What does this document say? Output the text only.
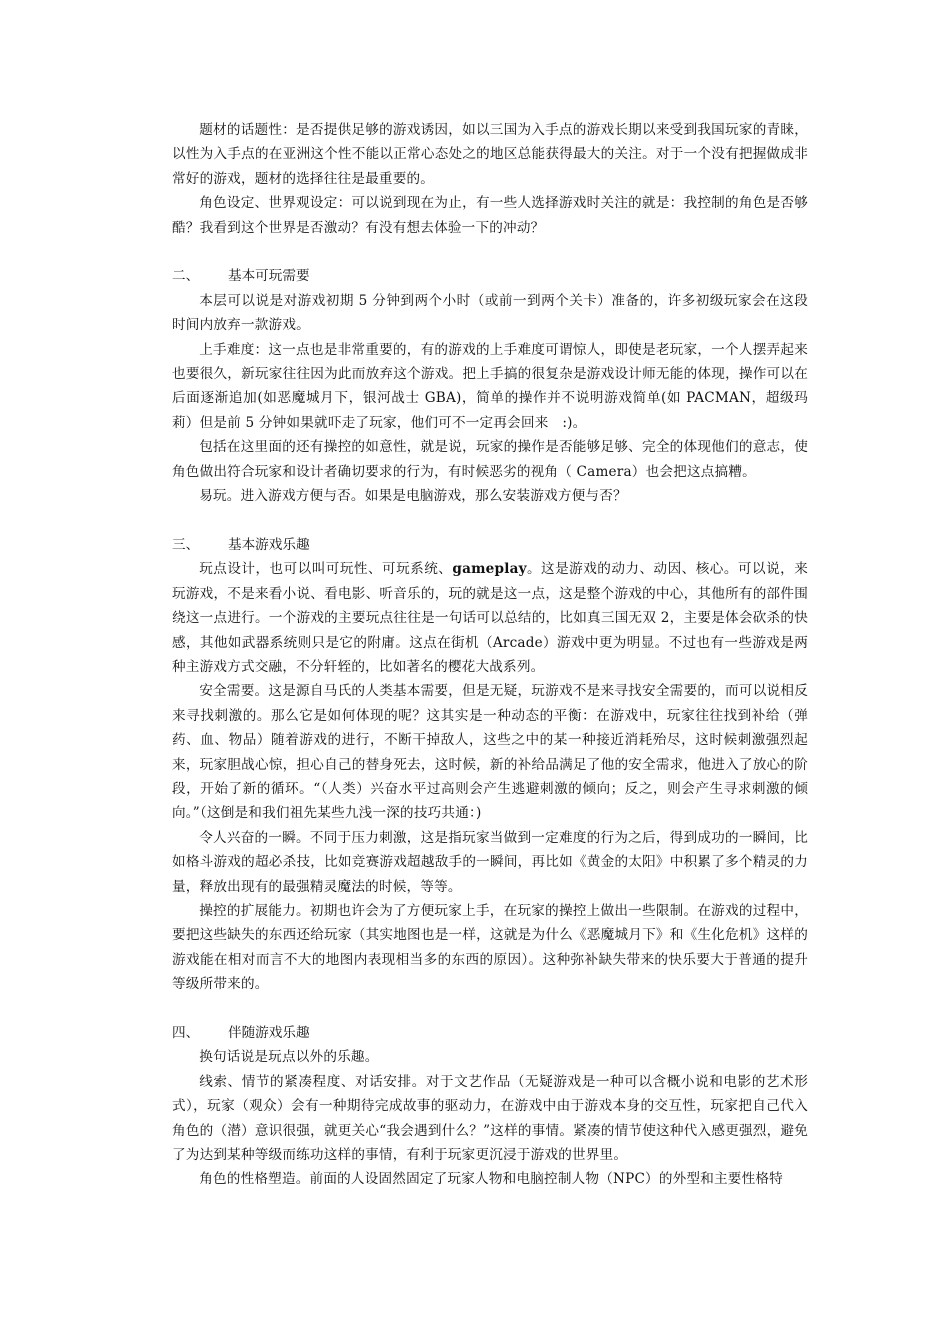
题材的话题性：是否提供足够的游戏诱因，如以三国为入手点的游戏长期以来受到我国玩家的青睐，以性为入手点的在亚洲这个性不能以正常心态处之的地区总能获得最大的关注。对于一个没有把握做成非常好的游戏，题材的选择往往是最重要的。

角色设定、世界观设定：可以说到现在为止，有一些人选择游戏时关注的就是：我控制的角色是否够酷？我看到这个世界是否激动？有没有想去体验一下的冲动？

二、 基本可玩需要

本层可以说是对游戏初期 5 分钟到两个小时（或前一到两个关卡）准备的，许多初级玩家会在这段时间内放弃一款游戏。

上手难度：这一点也是非常重要的，有的游戏的上手难度可谓惊人，即使是老玩家，一个人摆弄起来也要很久，新玩家往往因为此而放弃这个游戏。把上手搞的很复杂是游戏设计师无能的体现，操作可以在后面逐渐追加(如恶魔城月下，银河战士 GBA)，简单的操作并不说明游戏简单(如 PACMAN，超级玛莉）但是前 5 分钟如果就吓走了玩家，他们可不一定再会回来　:)。

包括在这里面的还有操控的如意性，就是说，玩家的操作是否能够足够、完全的体现他们的意志，使角色做出符合玩家和设计者确切要求的行为，有时候恶劣的视角（ Camera）也会把这点搞糟。

易玩。进入游戏方便与否。如果是电脑游戏，那么安装游戏方便与否？

三、 基本游戏乐趣

玩点设计，也可以叫可玩性、可玩系统、gameplay。这是游戏的动力、动因、核心。可以说，来玩游戏，不是来看小说、看电影、听音乐的，玩的就是这一点，这是整个游戏的中心，其他所有的部件围绕这一点进行。一个游戏的主要玩点往往是一句话可以总结的，比如真三国无双 2，主要是体会砍杀的快感，其他如武器系统则只是它的附庸。这点在街机（Arcade）游戏中更为明显。不过也有一些游戏是两种主游戏方式交融，不分轩轾的，比如著名的樱花大战系列。

安全需要。这是源自马氏的人类基本需要，但是无疑，玩游戏不是来寻找安全需要的，而可以说相反来寻找刺激的。那么它是如何体现的呢？这其实是一种动态的平衡：在游戏中，玩家往往找到补给（弹药、血、物品）随着游戏的进行，不断干掉敌人，这些之中的某一种接近消耗殆尽，这时候刺激强烈起来，玩家胆战心惊，担心自己的替身死去，这时候，新的补给品满足了他的安全需求，他进入了放心的阶段，开始了新的循环。“（人类）兴奋水平过高则会产生逃避刺激的倾向；反之，则会产生寻求刺激的倾向。”（这倒是和我们祖先某些九浅一深的技巧共通：)

令人兴奋的一瞬。不同于压力刺激，这是指玩家当做到一定难度的行为之后，得到成功的一瞬间，比如格斗游戏的超必杀技，比如竞赛游戏超越敌手的一瞬间，再比如《黄金的太阳》中积累了多个精灵的力量，释放出现有的最强精灵魔法的时候，等等。

操控的扩展能力。初期也许会为了方便玩家上手，在玩家的操控上做出一些限制。在游戏的过程中，要把这些缺失的东西还给玩家（其实地图也是一样，这就是为什么《恶魔城月下》和《生化危机》这样的游戏能在相对而言不大的地图内表现相当多的东西的原因）。这种弥补缺失带来的快乐要大于普通的提升等级所带来的。

四、 伴随游戏乐趣

换句话说是玩点以外的乐趣。

线索、情节的紧凑程度、对话安排。对于文艺作品（无疑游戏是一种可以含概小说和电影的艺术形式），玩家（观众）会有一种期待完成故事的驱动力，在游戏中由于游戏本身的交互性，玩家把自己代入角色的（潜）意识很强，就更关心“我会遇到什么？”这样的事情。紧凑的情节使这种代入感更强烈，避免了为达到某种等级而练功这样的事情，有利于玩家更沉浸于游戏的世界里。

角色的性格塑造。前面的人设固然固定了玩家人物和电脑控制人物（NPC）的外型和主要性格特
